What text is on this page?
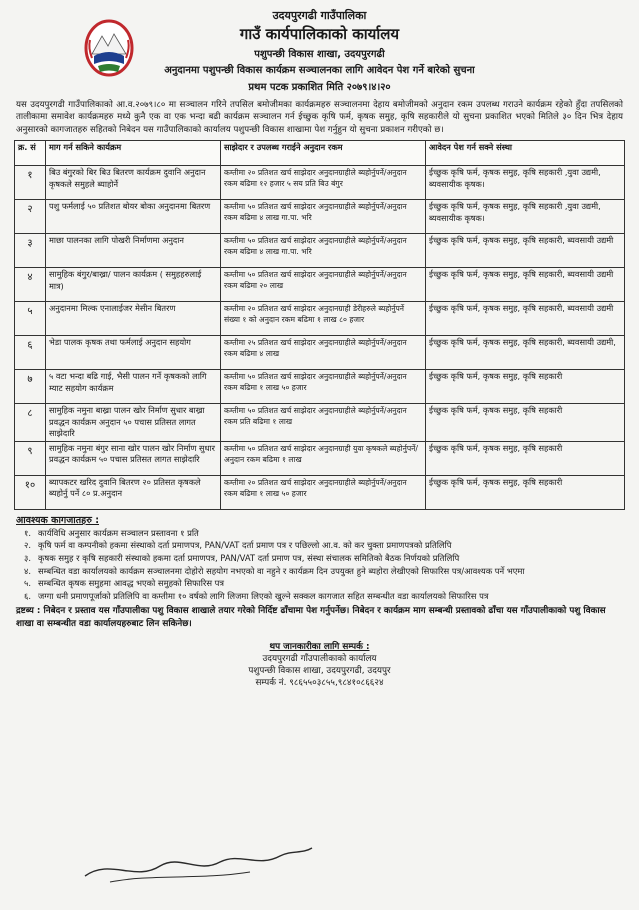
उदयपुरगढी गाउँपालिका
गाउँ कार्यपालिकाको कार्यालय
पशुपन्छी विकास शाखा, उदयपुरगढी
अनुदानमा पशुपन्छी विकास कार्यक्रम सञ्चालनका लागि आवेदन पेश गर्ने बारेको सुचना
प्रथम पटक प्रकाशित मिति २०७९।४।२०
यस उदयपुरगढी गाउँपालिकाको आ.व.२०७९।८० मा सञ्चालन गरिने तपसिल बमोजीमका कार्यक्रमहरु सञ्चालनमा देहाय बमोजीमको अनुदान रकम उपलब्ध गराउने कार्यक्रम रहेको हुँदा तपसिलको तालीकामा समावेश कार्यक्रमहरु मध्ये कुनै एक वा एक भन्दा बढी कार्यक्रम सञ्चालन गर्न ईच्छुक कृषि फर्म, कृषक समुह, कृषि सहकारीले यो सुचना प्रकाशित भएको मितिले ३० दिन भित्र देहाय अनुसारको कागजातहरु सहितको निबेदन यस गाउँपालिकाको कार्यालय पशुपन्छी विकास शाखामा पेश गर्नुहुन यो सुचना प्रकाशन गरीएको छ।
क्र. सं	माग गर्न सकिने कार्यक्रम	साझेदार र उपलब्ध गराईने अनुदान रकम	आवेदन पेश गर्न सक्ने संस्था
१	बिउ बंगुरको बिर बिउ बितरण कार्यक्रम दुवानि अनुदान कृषकले समुहले ब्याहोर्ने	कम्तीमा २० प्रतिशत खर्च साझेदार अनुदानग्राहीले ब्यहोर्नुपर्ने/अनुदान रकम बढिमा १२ हजार ५ सय प्रति बिउ बंगुर	ईच्छुक कृषि फर्म, कृषक समुह, कृषि सहकारी ,युवा उद्यमी, ब्यवसायीक कृषक।
२	पशु फर्मलाई ५० प्रतिशत बोयर बोका अनुदानमा बितरण	कम्तीमा ५० प्रतिशत खर्च साझेदार अनुदानग्राहीले ब्यहोर्नुपर्ने/अनुदान रकम बढिमा ४ लाख गा.पा. भरि	ईच्छुक कृषि फर्म, कृषक समुह, कृषि सहकारी ,युवा उद्यमी, ब्यवसायीक कृषक।
३	माछा पालनका लागि पोखरी निर्माणमा अनुदान	कम्तीमा ५० प्रतिशत खर्च साझेदार अनुदानग्राहीले ब्यहोर्नुपर्ने/अनुदान रकम बढिमा ४ लाख गा.पा. भरि	ईच्छुक कृषि फर्म, कृषक समुह, कृषि सहकारी, ब्यवसायी उद्यमी
४	सामुहिक बंगुर/बाख्रा/ पालन कार्यक्रम ( समुहहरुलाई मात्र)	कम्तीमा ५० प्रतिशत खर्च साझेदार अनुदानग्राहीले ब्यहोर्नुपर्ने/अनुदान रकम बढिमा २० लाख	ईच्छुक कृषि फर्म, कृषक समुह, कृषि सहकारी, ब्यवसायी उद्यमी
५	अनुदानमा मिल्क एनालाईजर मेसीन बितरण	कम्तीमा २० प्रतिशत खर्च साझेदार अनुदानग्राही डेरीहरुले ब्यहोर्नुपर्ने संख्या १ को अनुदान रकम बढिमा १ लाख ८० हजार	ईच्छुक कृषि फर्म, कृषक समुह, कृषि सहकारी, ब्यवसायी उद्यमी
६	भेडा पालक कृषक तथा फर्मलाई अनुदान सहयोग	कम्तीमा २५ प्रतिशत खर्च साझेदार अनुदानग्राहीले ब्यहोर्नुपर्ने/अनुदान रकम बढिमा ४ लाख	ईच्छुक कृषि फर्म, कृषक समुह, कृषि सहकारी, ब्यवसायी उद्यमी,
७	५ वटा भन्दा बढि गाई, भैसी पालन गर्ने कृषकको लागि म्याट सहयोग कार्यक्रम	कम्तीमा ५० प्रतिशत खर्च साझेदार अनुदानग्राहीले ब्यहोर्नुपर्ने/अनुदान रकम बढिमा १ लाख ५० हजार	ईच्छुक कृषि फर्म, कृषक समुह, कृषि सहकारी
८	सामुहिक नमुना बाख्रा पालन खोर निर्माण सुधार बाख्रा प्रवद्धन कार्यक्रम अनुदान ५० पचास प्रतिसत लागत साझेदारि	कम्तीमा ५० प्रतिशत खर्च साझेदार अनुदानग्राहीले ब्यहोर्नुपर्ने/अनुदान रकम प्रति बढिमा १ लाख	ईच्छुक कृषि फर्म, कृषक समुह, कृषि सहकारी
९	सामुहिक नमुना बंगुर साना खोर पालन खोर निर्माण सुधार प्रवद्धन कार्यक्रम ५० पचास प्रतिसत लागत साझेदारि	कम्तीमा ५० प्रतिशत खर्च साझेदार अनुदानग्राही युवा कृषकले ब्यहोर्नुपर्ने/अनुदान रकम बढिमा १ लाख	ईच्छुक कृषि फर्म, कृषक समुह, कृषि सहकारी
१०	ब्यापकटर खरिद दुवानि बितरण २० प्रतिसत कृषकले ब्यहोर्नु पर्ने ८० प्र.अनुदान	कम्तीमा २० प्रतिशत खर्च साझेदार अनुदानग्राहीले ब्यहोर्नुपर्ने/अनुदान रकम बढिमा १ लाख ५० हजार	ईच्छुक कृषि फर्म, कृषक समुह, कृषि सहकारी
आवश्यक कागजातहरु :
१. कार्यविधि अनुसार कार्यक्रम सञ्चालन प्रस्तावना १ प्रति
२. कृषि फर्म वा कम्पनीको हकमा संस्थाको दर्ता प्रमाणपत्र, PAN/VAT दर्ता प्रमाण पत्र र पछिल्लो आ.व. को कर चुक्ता प्रमाणपत्रको प्रतिलिपि
३. कृषक समुह र कृषि सहकारी संस्थाको हकमा दर्ता प्रमाणपत्र, PAN/VAT दर्ता प्रमाण पत्र, संस्था संचालक समितिको बैठक निर्णयको प्रतिलिपि
४. सम्बन्धित वडा कार्यालयको कार्यक्रम सञ्चालनमा दोहोरो सहयोग नभएको वा नहुने र कार्यक्रम दिन उपयुक्त हुने ब्यहोरा लेखीएको सिफारिस पत्र/आवश्यक पर्ने भएमा
५. सम्बन्धित कृषक समुहमा आवद्ध भएको समुहको सिफारिस पत्र
६. जग्गा धनी प्रमाणपूर्जाको प्रतिलिपि वा कम्तीमा १० वर्षको लागि लिजमा लिएको खुल्ने सक्कल कागजात सहित सम्बन्धीत वडा कार्यालयको सिफारिस पत्र
द्रष्टब्य : निबेदन र प्रस्ताव यस गाँउपालीका पशु विकास शाखाले तयार गरेको निर्दिष्ट ढाँचामा पेश गर्नुपर्नेछ। निबेदन र कार्यक्रम माग सम्बन्धी प्रस्तावको ढाँचा यस गाँउपालीकाको पशु विकास शाखा वा सम्बन्धीत वडा कार्यालयहरुबाट लिन सकिनेछ।
थप जानकारीका लागि सम्पर्क :
उदयपुरगढी गाँउपालीकाको कार्यालय
पशुपन्छी विकास शाखा, उदयपुरगढी, उदयपुर
सम्पर्क नं. ९८६५५०३८५५,९८४१०८६६२४
